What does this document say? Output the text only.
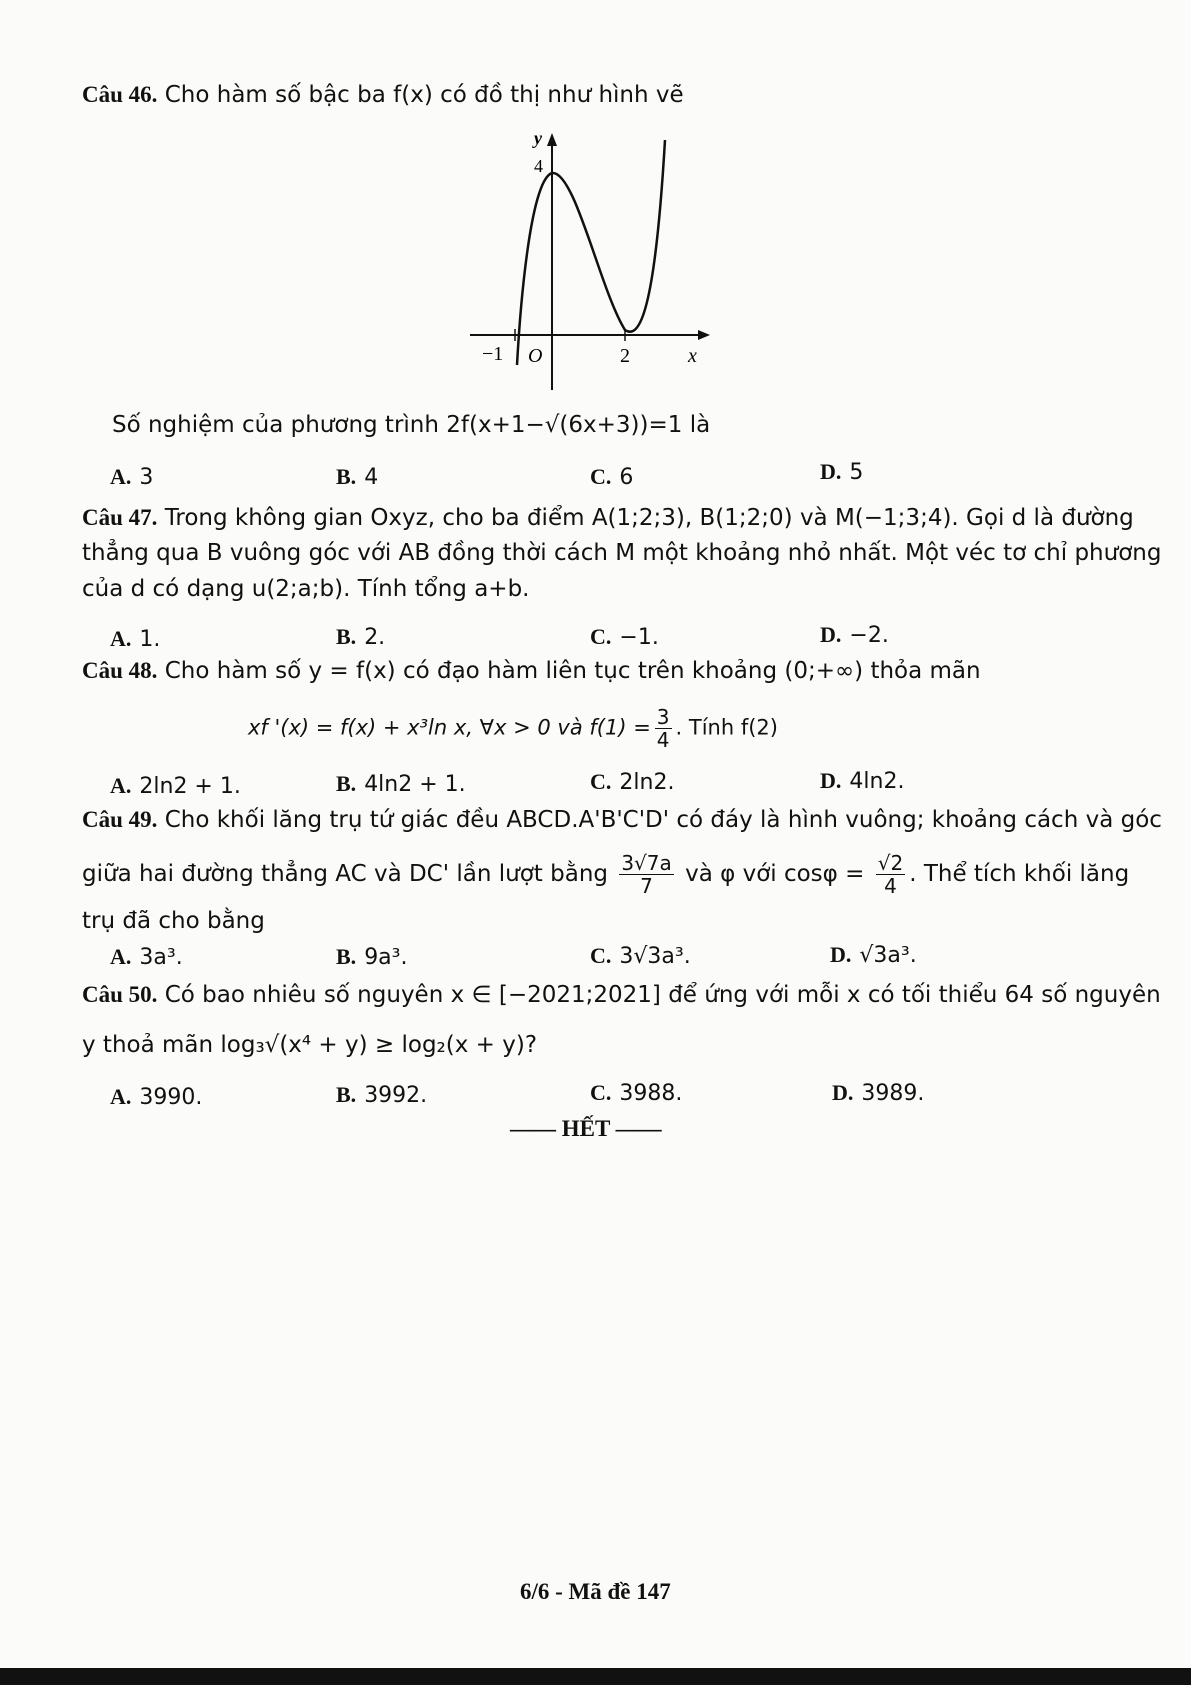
Câu 46. Cho hàm số bậc ba f(x) có đồ thị như hình vẽ
y
4
−1 O	2	x
Số nghiệm của phương trình 2f(x+1−√(6x+3))=1 là
A. 3	B. 4	C. 6	D. 5
Câu 47. Trong không gian Oxyz, cho ba điểm A(1;2;3), B(1;2;0) và M(−1;3;4). Gọi d là đường
thẳng qua B vuông góc với AB đồng thời cách M một khoảng nhỏ nhất. Một véc tơ chỉ phương
của d có dạng u(2;a;b). Tính tổng a+b.
A. 1.	B. 2.	C. −1.	D. −2.
Câu 48. Cho hàm số y = f(x) có đạo hàm liên tục trên khoảng (0;+∞) thỏa mãn
xf '(x) = f(x) + x³ln x, ∀x > 0 và $f(1) = \frac{3}{4}$ . Tính f(2)
A. 2ln2 + 1.	B. 4ln2 + 1.	C. 2ln2.	D. 4ln2.
Câu 49. Cho khối lăng trụ tứ giác đều ABCD.A'B'C'D' có đáy là hình vuông; khoảng cách và góc
giữa hai đường thẳng AC và DC' lần lượt bằng $\frac{3√7a}{7}$ và φ với $\cos\varphi = \frac{√2}{4}$ . Thể tích khối lăng
trụ đã cho bằng
A. 3a³.	B. 9a³.	C. 3√3a³.	D. √3a³.
Câu 50. Có bao nhiêu số nguyên x ∈ [−2021;2021] để ứng với mỗi x có tối thiểu 64 số nguyên
y thoả mãn log₃√(x⁴ + y) ≥ log₂(x + y)?
A. 3990.	B. 3992.	C. 3988.	D. 3989.
—— HẾT ——
6/6 - Mã đề 147
